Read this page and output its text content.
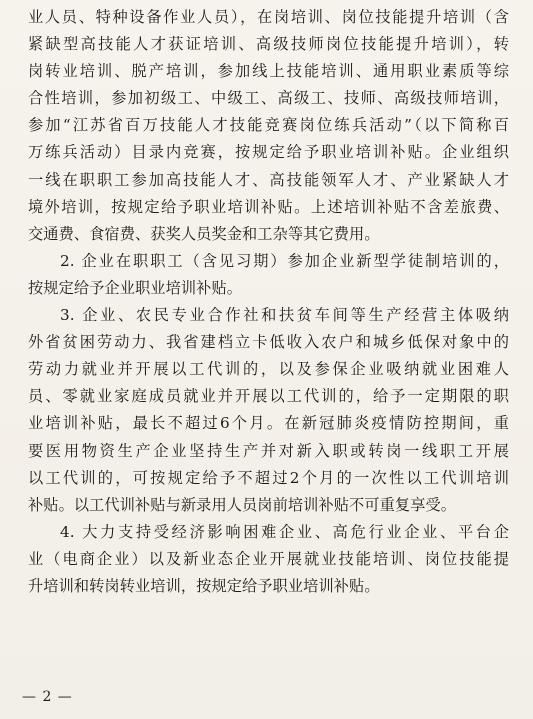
业人员、特种设备作业人员），在岗培训、岗位技能提升培训（含
紧缺型高技能人才获证培训、高级技师岗位技能提升培训），转
岗转业培训、脱产培训，参加线上技能培训、通用职业素质等综
合性培训，参加初级工、中级工、高级工、技师、高级技师培训，
参加“江苏省百万技能人才技能竞赛岗位练兵活动”（以下简称百
万练兵活动）目录内竞赛，按规定给予职业培训补贴。企业组织
一线在职职工参加高技能人才、高技能领军人才、产业紧缺人才
境外培训，按规定给予职业培训补贴。上述培训补贴不含差旅费、
交通费、食宿费、获奖人员奖金和工杂等其它费用。
2. 企业在职职工（含见习期）参加企业新型学徒制培训的，
按规定给予企业职业培训补贴。
3. 企业、农民专业合作社和扶贫车间等生产经营主体吸纳
外省贫困劳动力、我省建档立卡低收入农户和城乡低保对象中的
劳动力就业并开展以工代训的，以及参保企业吸纳就业困难人
员、零就业家庭成员就业并开展以工代训的，给予一定期限的职
业培训补贴，最长不超过6个月。在新冠肺炎疫情防控期间，重
要医用物资生产企业坚持生产并对新入职或转岗一线职工开展
以工代训的，可按规定给予不超过2个月的一次性以工代训培训
补贴。以工代训补贴与新录用人员岗前培训补贴不可重复享受。
4. 大力支持受经济影响困难企业、高危行业企业、平台企
业（电商企业）以及新业态企业开展就业技能培训、岗位技能提
升培训和转岗转业培训，按规定给予职业培训补贴。
— 2 —
